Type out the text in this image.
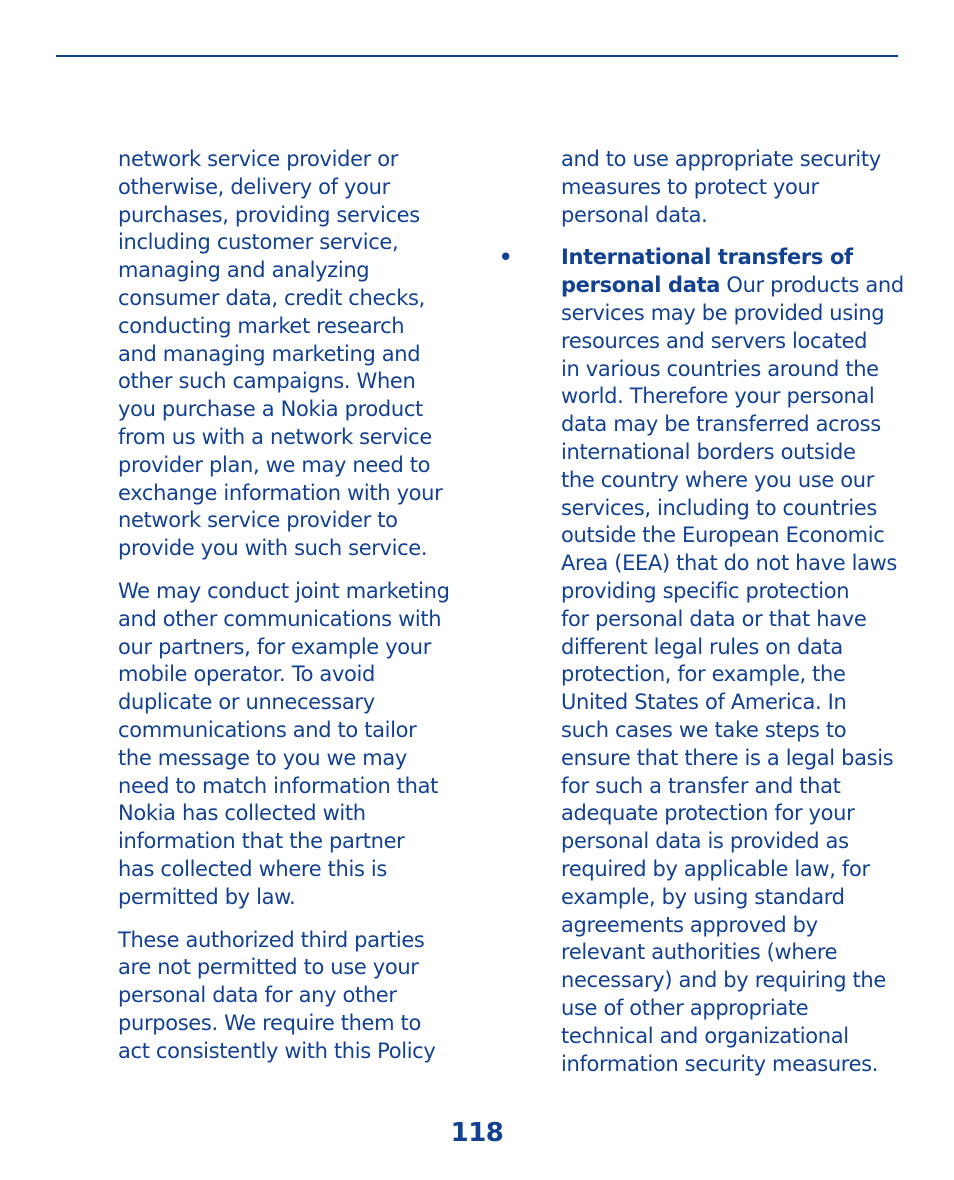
network service provider or
otherwise, delivery of your
purchases, providing services
including customer service,
managing and analyzing
consumer data, credit checks,
conducting market research
and managing marketing and
other such campaigns. When
you purchase a Nokia product
from us with a network service
provider plan, we may need to
exchange information with your
network service provider to
provide you with such service.
We may conduct joint marketing
and other communications with
our partners, for example your
mobile operator. To avoid
duplicate or unnecessary
communications and to tailor
the message to you we may
need to match information that
Nokia has collected with
information that the partner
has collected where this is
permitted by law.
These authorized third parties
are not permitted to use your
personal data for any other
purposes. We require them to
act consistently with this Policy
and to use appropriate security
measures to protect your
personal data.
• International transfers of
personal data Our products and
services may be provided using
resources and servers located
in various countries around the
world. Therefore your personal
data may be transferred across
international borders outside
the country where you use our
services, including to countries
outside the European Economic
Area (EEA) that do not have laws
providing specific protection
for personal data or that have
different legal rules on data
protection, for example, the
United States of America. In
such cases we take steps to
ensure that there is a legal basis
for such a transfer and that
adequate protection for your
personal data is provided as
required by applicable law, for
example, by using standard
agreements approved by
relevant authorities (where
necessary) and by requiring the
use of other appropriate
technical and organizational
information security measures.
118
